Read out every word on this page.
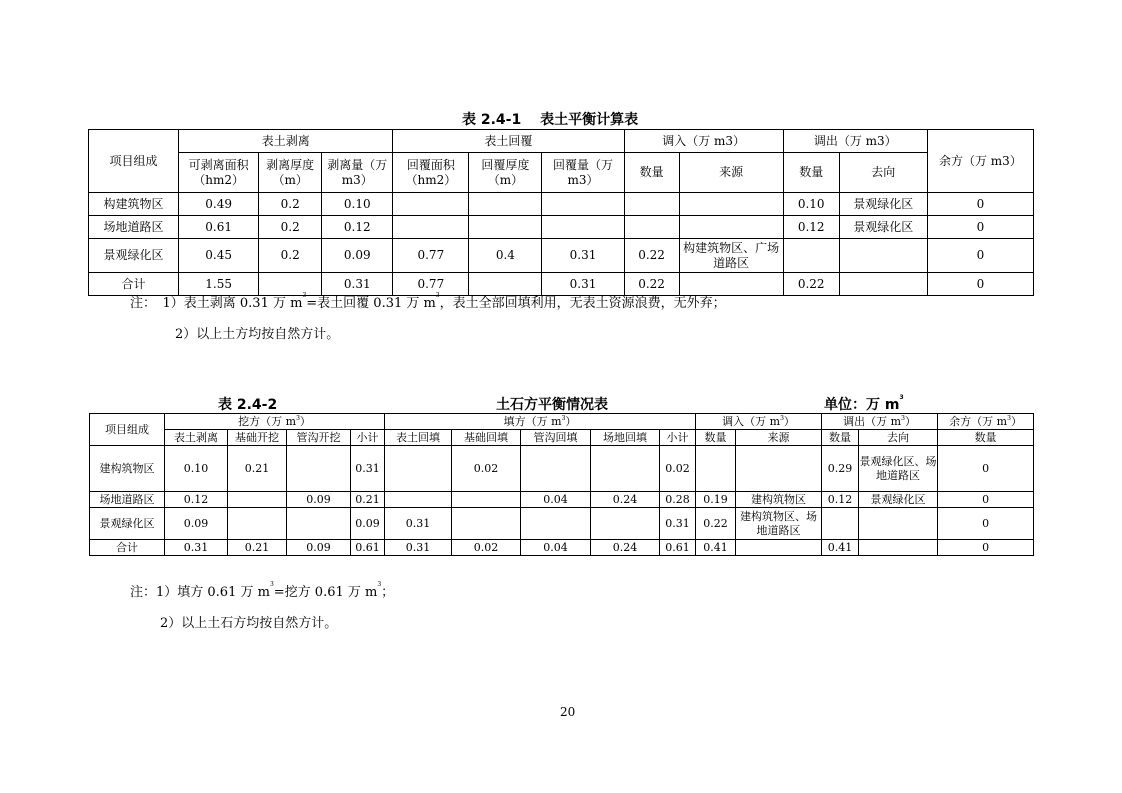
表 2.4-1　 表土平衡计算表
项目组成	表土剥离			表土回覆			调入（万 m3）		调出（万 m3）		余方（万 m3）
	可剥离面积（hm2）	剥离厚度（m）	剥离量（万 m3）	回覆面积（hm2）	回覆厚度（m）	回覆量（万 m3）	数量	来源	数量	去向	
构建筑物区	0.49	0.2	0.10						0.10	景观绿化区	0
场地道路区	0.61	0.2	0.12						0.12	景观绿化区	0
景观绿化区	0.45	0.2	0.09	0.77	0.4	0.31	0.22	构建筑物区、广场道路区			0
合计	1.55		0.31	0.77		0.31	0.22		0.22		0
注：　1）表土剥离 0.31 万 $m^3=$表土回覆 0.31 万 $m^3$，表土全部回填利用，无表土资源浪费，无外弃；
2）以上土方均按自然方计。
表 2.4-2	土石方平衡情况表	单位：万 $m^3$
项目组成	挖方（万 $m^3$）				填方（万 $m^3$）					调入（万 $m^3$）		调出（万 $m^3$）		余方（万 $m^3$）
	表土剥离	基础开挖	管沟开挖	小计	表土回填	基础回填	管沟回填	场地回填	小计	数量	来源	数量	去向	数量
建构筑物区	0.10	0.21		0.31		0.02			0.02			0.29	景观绿化区、场地道路区	0
场地道路区	0.12		0.09	0.21			0.04	0.24	0.28	0.19	建构筑物区	0.12	景观绿化区	0
景观绿化区	0.09			0.09	0.31				0.31	0.22	建构筑物区、场地道路区			0
合计	0.31	0.21	0.09	0.61	0.31	0.02	0.04	0.24	0.61	0.41		0.41		0
注：1）填方 0.61 万 $m^3=$挖方 0.61 万 $m^3$；
2）以上土石方均按自然方计。
20
